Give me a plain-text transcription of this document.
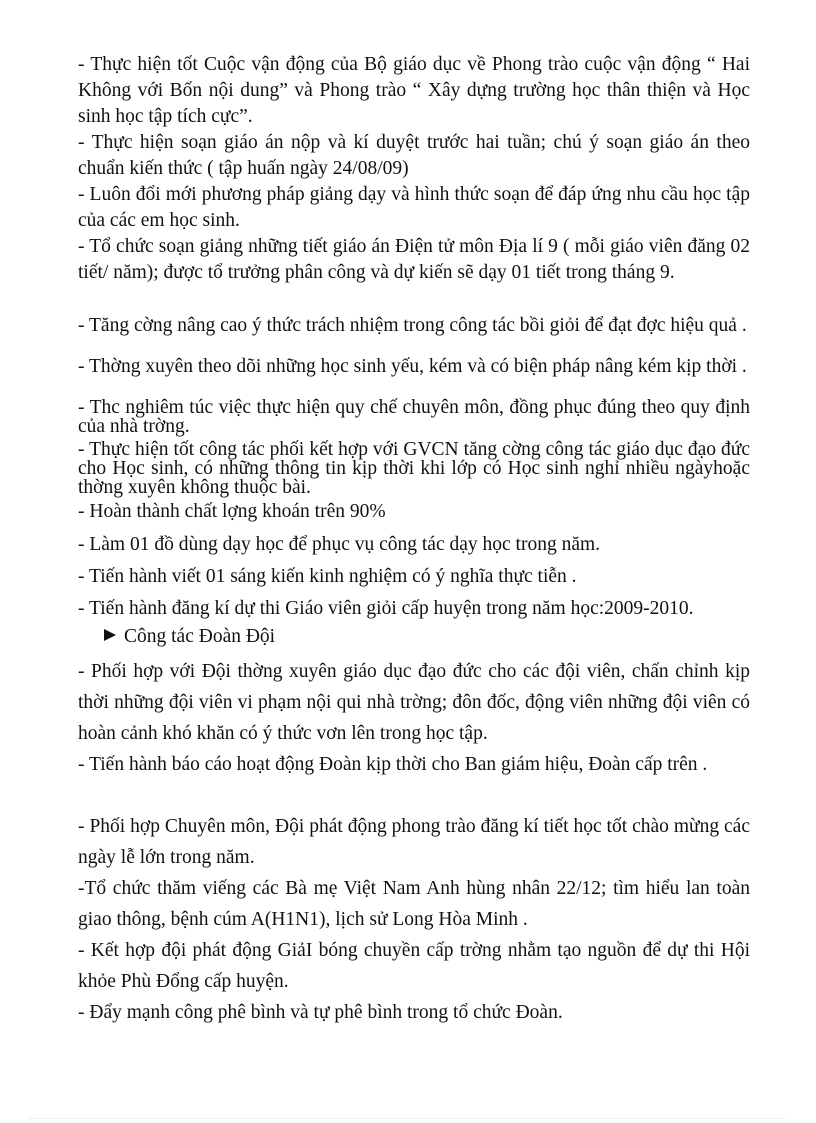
- Thực hiện tốt Cuộc vận động của Bộ giáo dục về Phong trào cuộc vận động “ Hai Không với Bốn nội dung” và Phong trào “ Xây dựng trường học thân thiện và Học sinh học tập tích cực”.

- Thực hiện soạn giáo án nộp và kí duyệt trước hai tuần; chú ý soạn giáo án theo chuẩn kiến thức ( tập huấn ngày 24/08/09)

- Luôn đổi mới phương pháp giảng dạy và hình thức soạn để đáp ứng nhu cầu học tập của các em học sinh.

- Tổ chức soạn giảng những tiết giáo án Điện tử môn Địa lí 9 ( mỗi giáo viên đăng 02 tiết/ năm); được tổ trưởng phân công và dự kiến sẽ dạy 01 tiết trong tháng 9.

- Tăng cờng nâng cao ý thức trách nhiệm trong công tác bồi giỏi để đạt đợc hiệu quả .

- Thờng xuyên theo dõi những học sinh yếu, kém và có biện pháp nâng kém kịp thời .

- Thc nghiêm túc việc thực hiện quy chế chuyên môn, đồng phục đúng theo quy định của nhà trờng.

- Thực hiện tốt công tác phối kết hợp với GVCN tăng cờng công tác giáo dục đạo đức cho Học sinh, có những thông tin kịp thời khi lớp có Học sinh nghỉ nhiều ngàyhoặc thờng xuyên không thuộc bài.

- Hoàn thành chất lợng khoán trên 90%

- Làm 01 đồ dùng dạy học để phục vụ công tác dạy học trong năm.

- Tiến hành viết 01 sáng kiến kinh nghiệm có ý nghĩa thực tiễn .

- Tiến hành đăng kí dự thi Giáo viên giỏi cấp huyện trong năm học:2009-2010.

Công tác Đoàn Đội

- Phối hợp với Đội thờng xuyên giáo dục đạo đức cho các đội viên, chấn chỉnh kịp thời những đội viên vi phạm nội qui nhà trờng; đôn đốc, động viên những đội viên có hoàn cảnh khó khăn có ý thức vơn lên trong học tập.

- Tiến hành báo cáo hoạt động Đoàn kịp thời cho Ban giám hiệu, Đoàn cấp trên .

- Phối hợp Chuyên môn, Đội phát động phong trào đăng kí tiết học tốt chào mừng các ngày lễ lớn trong năm.

-Tổ chức thăm viếng các Bà mẹ Việt Nam Anh hùng nhân 22/12; tìm hiểu lan toàn giao thông, bệnh cúm A(H1N1), lịch sử Long Hòa Minh .

- Kết hợp đội phát động GiảI bóng chuyền cấp trờng nhằm tạo nguồn để dự thi Hội khỏe Phù Đổng cấp huyện.

- Đẩy mạnh công phê bình và tự phê bình trong tổ chức Đoàn.
